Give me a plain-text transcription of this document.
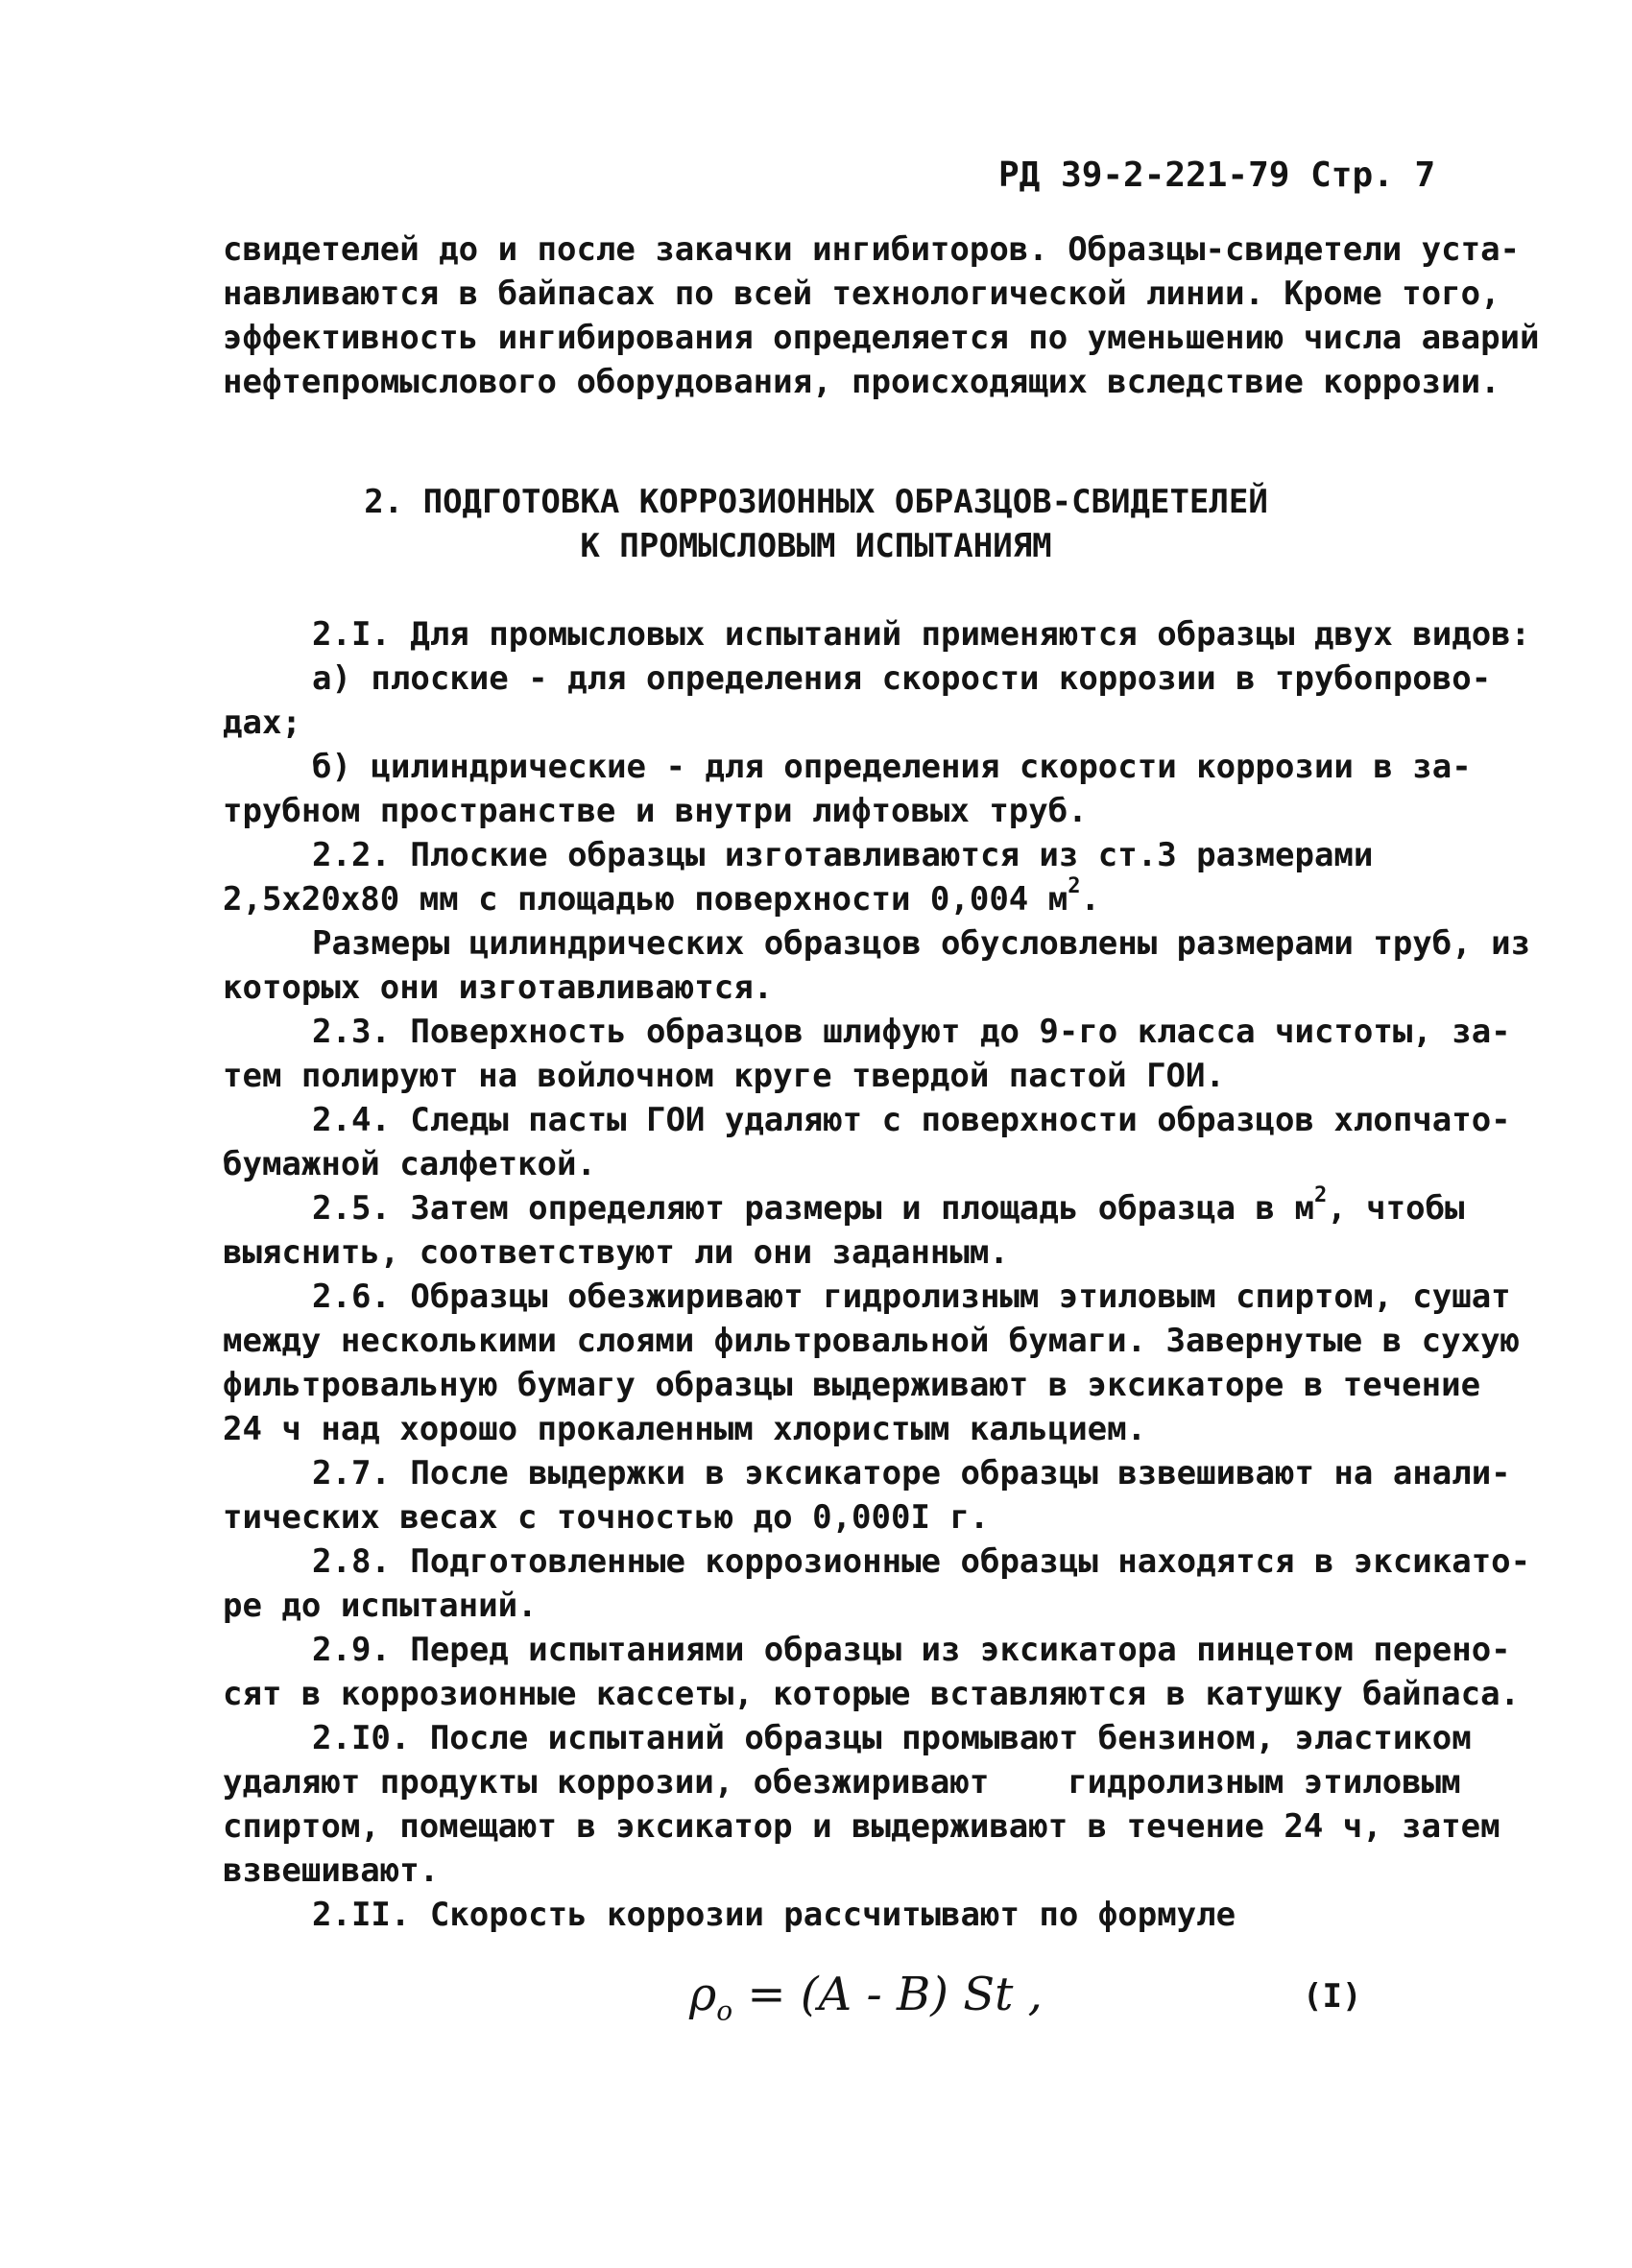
РД 39-2-221-79 Стр. 7
свидетелей до и после закачки ингибиторов. Образцы-свидетели уста-
навливаются в байпасах по всей технологической линии. Кроме того,
эффективность ингибирования определяется по уменьшению числа аварий
нефтепромыслового оборудования, происходящих вследствие коррозии.
2. ПОДГОТОВКА КОРРОЗИОННЫХ ОБРАЗЦОВ-СВИДЕТЕЛЕЙ
К ПРОМЫСЛОВЫМ ИСПЫТАНИЯМ
2.I. Для промысловых испытаний применяются образцы двух видов:
а) плоские - для определения скорости коррозии в трубопрово-
дах;
б) цилиндрические - для определения скорости коррозии в за-
трубном пространстве и внутри лифтовых труб.
2.2. Плоские образцы изготавливаются из ст.3 размерами
2,5х20х80 мм с площадью поверхности 0,004 $м^2$.
Размеры цилиндрических образцов обусловлены размерами труб, из
которых они изготавливаются.
2.3. Поверхность образцов шлифуют до 9-го класса чистоты, за-
тем полируют на войлочном круге твердой пастой ГОИ.
2.4. Следы пасты ГОИ удаляют с поверхности образцов хлопчато-
бумажной салфеткой.
2.5. Затем определяют размеры и площадь образца в $м^2$, чтобы
выяснить, соответствуют ли они заданным.
2.6. Образцы обезжиривают гидролизным этиловым спиртом, сушат
между несколькими слоями фильтровальной бумаги. Завернутые в сухую
фильтровальную бумагу образцы выдерживают в эксикаторе в течение
24 ч над хорошо прокаленным хлористым кальцием.
2.7. После выдержки в эксикаторе образцы взвешивают на анали-
тических весах с точностью до 0,000I г.
2.8. Подготовленные коррозионные образцы находятся в эксикато-
ре до испытаний.
2.9. Перед испытаниями образцы из эксикатора пинцетом перено-
сят в коррозионные кассеты, которые вставляются в катушку байпаса.
2.I0. После испытаний образцы промывают бензином, эластиком
удаляют продукты коррозии, обезжиривают    гидролизным этиловым
спиртом, помещают в эксикатор и выдерживают в течение 24 ч, затем
взвешивают.
2.II. Скорость коррозии рассчитывают по формуле
$\rho_o = (A - B)$ St ,	(I)
